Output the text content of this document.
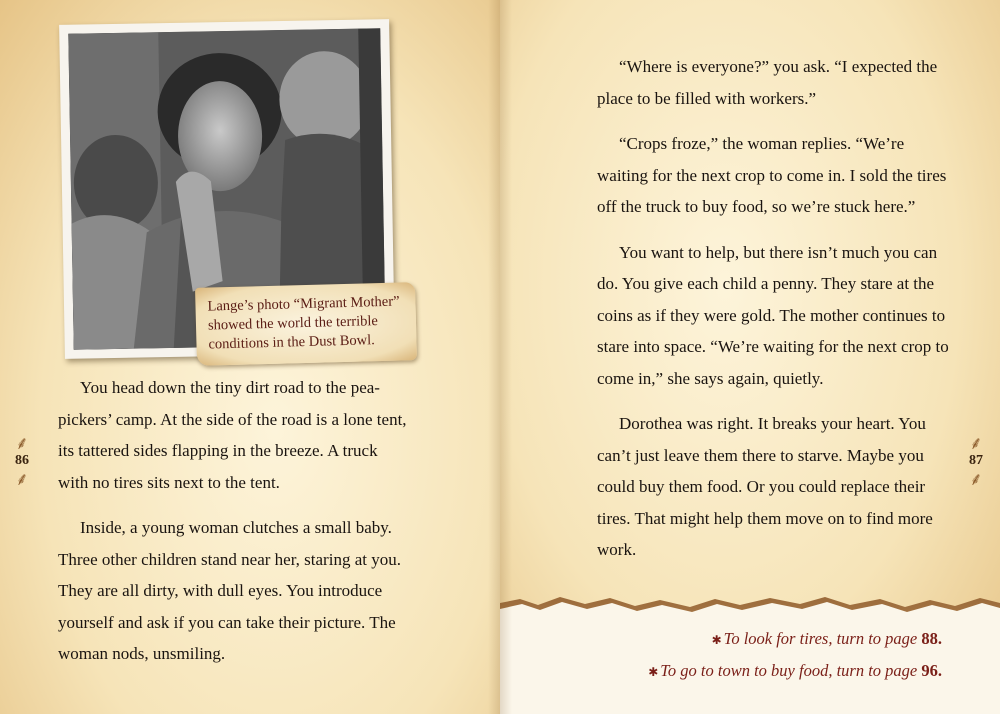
Lange’s photo “Migrant Mother” showed the world the terrible conditions in the Dust Bowl.

You head down the tiny dirt road to the pea-pickers’ camp. At the side of the road is a lone tent, its tattered sides flapping in the breeze. A truck with no tires sits next to the tent.

Inside, a young woman clutches a small baby. Three other children stand near her, staring at you. They are all dirty, with dull eyes. You introduce yourself and ask if you can take their picture. The woman nods, unsmiling.

⸙
86
⸙

“Where is everyone?” you ask. “I expected the place to be filled with workers.”

“Crops froze,” the woman replies. “We’re waiting for the next crop to come in. I sold the tires off the truck to buy food, so we’re stuck here.”

You want to help, but there isn’t much you can do. You give each child a penny. They stare at the coins as if they were gold. The mother continues to stare into space. “We’re waiting for the next crop to come in,” she says again, quietly.

Dorothea was right. It breaks your heart. You can’t just leave them there to starve. Maybe you could buy them food. Or you could replace their tires. That might help them move on to find more work.

⸙
87
⸙
✱ To look for tires, turn to page 88.
✱ To go to town to buy food, turn to page 96.
